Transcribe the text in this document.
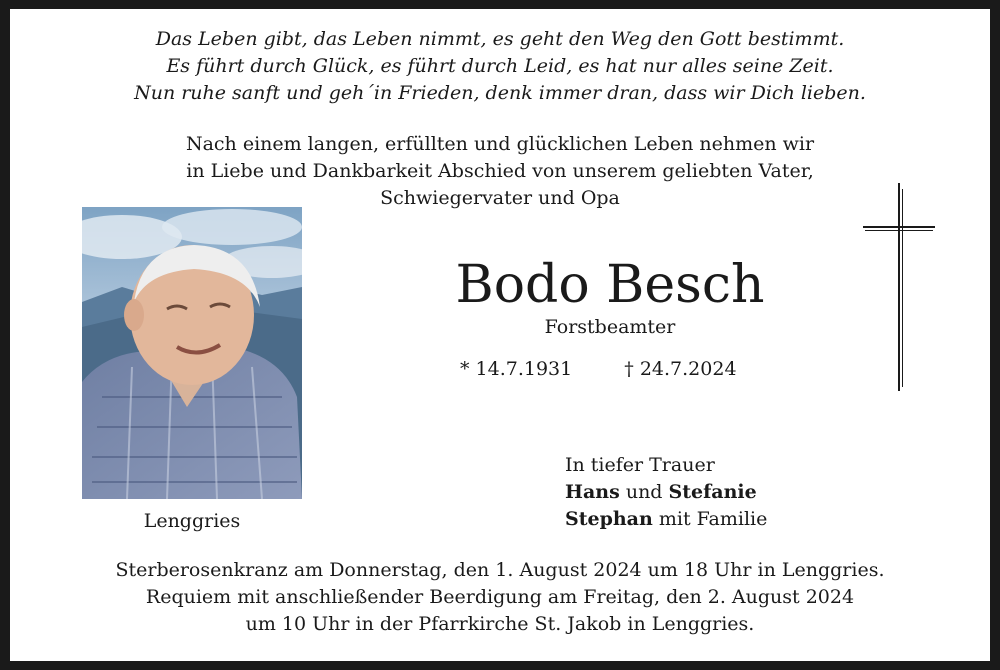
Das Leben gibt, das Leben nimmt, es geht den Weg den Gott bestimmt.
Es führt durch Glück, es führt durch Leid, es hat nur alles seine Zeit.
Nun ruhe sanft und geh´in Frieden, denk immer dran, dass wir Dich lieben.
Nach einem langen, erfüllten und glücklichen Leben nehmen wir
in Liebe und Dankbarkeit Abschied von unserem geliebten Vater,
Schwiegervater und Opa
Lenggries
Bodo Besch
Forstbeamter
* 14.7.1931	† 24.7.2024
In tiefer Trauer
Hans und Stefanie
Stephan mit Familie
Sterberosenkranz am Donnerstag, den 1. August 2024 um 18 Uhr in Lenggries.
Requiem mit anschließender Beerdigung am Freitag, den 2. August 2024
um 10 Uhr in der Pfarrkirche St. Jakob in Lenggries.
